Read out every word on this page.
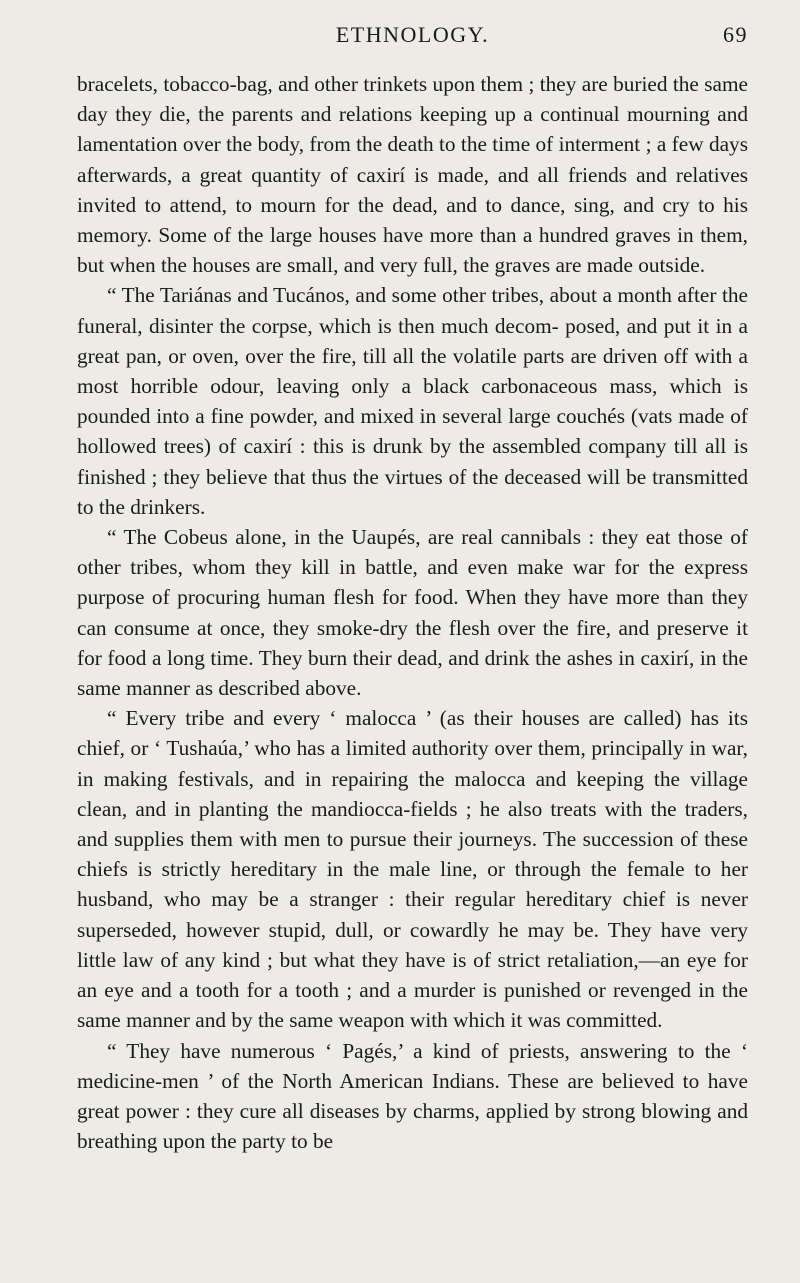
ETHNOLOGY.	69

bracelets, tobacco-bag, and other trinkets upon them ; they are buried the same day they die, the parents and relations keeping up a continual mourning and lamentation over the body, from the death to the time of interment ; a few days afterwards, a great quantity of caxirí is made, and all friends and relatives invited to attend, to mourn for the dead, and to dance, sing, and cry to his memory. Some of the large houses have more than a hundred graves in them, but when the houses are small, and very full, the graves are made outside.

“ The Tariánas and Tucános, and some other tribes, about a month after the funeral, disinter the corpse, which is then much decom- posed, and put it in a great pan, or oven, over the fire, till all the volatile parts are driven off with a most horrible odour, leaving only a black carbonaceous mass, which is pounded into a fine powder, and mixed in several large couchés (vats made of hollowed trees) of caxirí : this is drunk by the assembled company till all is finished ; they believe that thus the virtues of the deceased will be transmitted to the drinkers.

“ The Cobeus alone, in the Uaupés, are real cannibals : they eat those of other tribes, whom they kill in battle, and even make war for the express purpose of procuring human flesh for food. When they have more than they can consume at once, they smoke-dry the flesh over the fire, and preserve it for food a long time. They burn their dead, and drink the ashes in caxirí, in the same manner as described above.

“ Every tribe and every ‘ malocca ’ (as their houses are called) has its chief, or ‘ Tushaúa,’ who has a limited authority over them, principally in war, in making festivals, and in repairing the malocca and keeping the village clean, and in planting the mandiocca-fields ; he also treats with the traders, and supplies them with men to pursue their journeys. The succession of these chiefs is strictly hereditary in the male line, or through the female to her husband, who may be a stranger : their regular hereditary chief is never superseded, however stupid, dull, or cowardly he may be. They have very little law of any kind ; but what they have is of strict retaliation,—an eye for an eye and a tooth for a tooth ; and a murder is punished or revenged in the same manner and by the same weapon with which it was committed.

“ They have numerous ‘ Pagés,’ a kind of priests, answering to the ‘ medicine-men ’ of the North American Indians. These are believed to have great power : they cure all diseases by charms, applied by strong blowing and breathing upon the party to be
